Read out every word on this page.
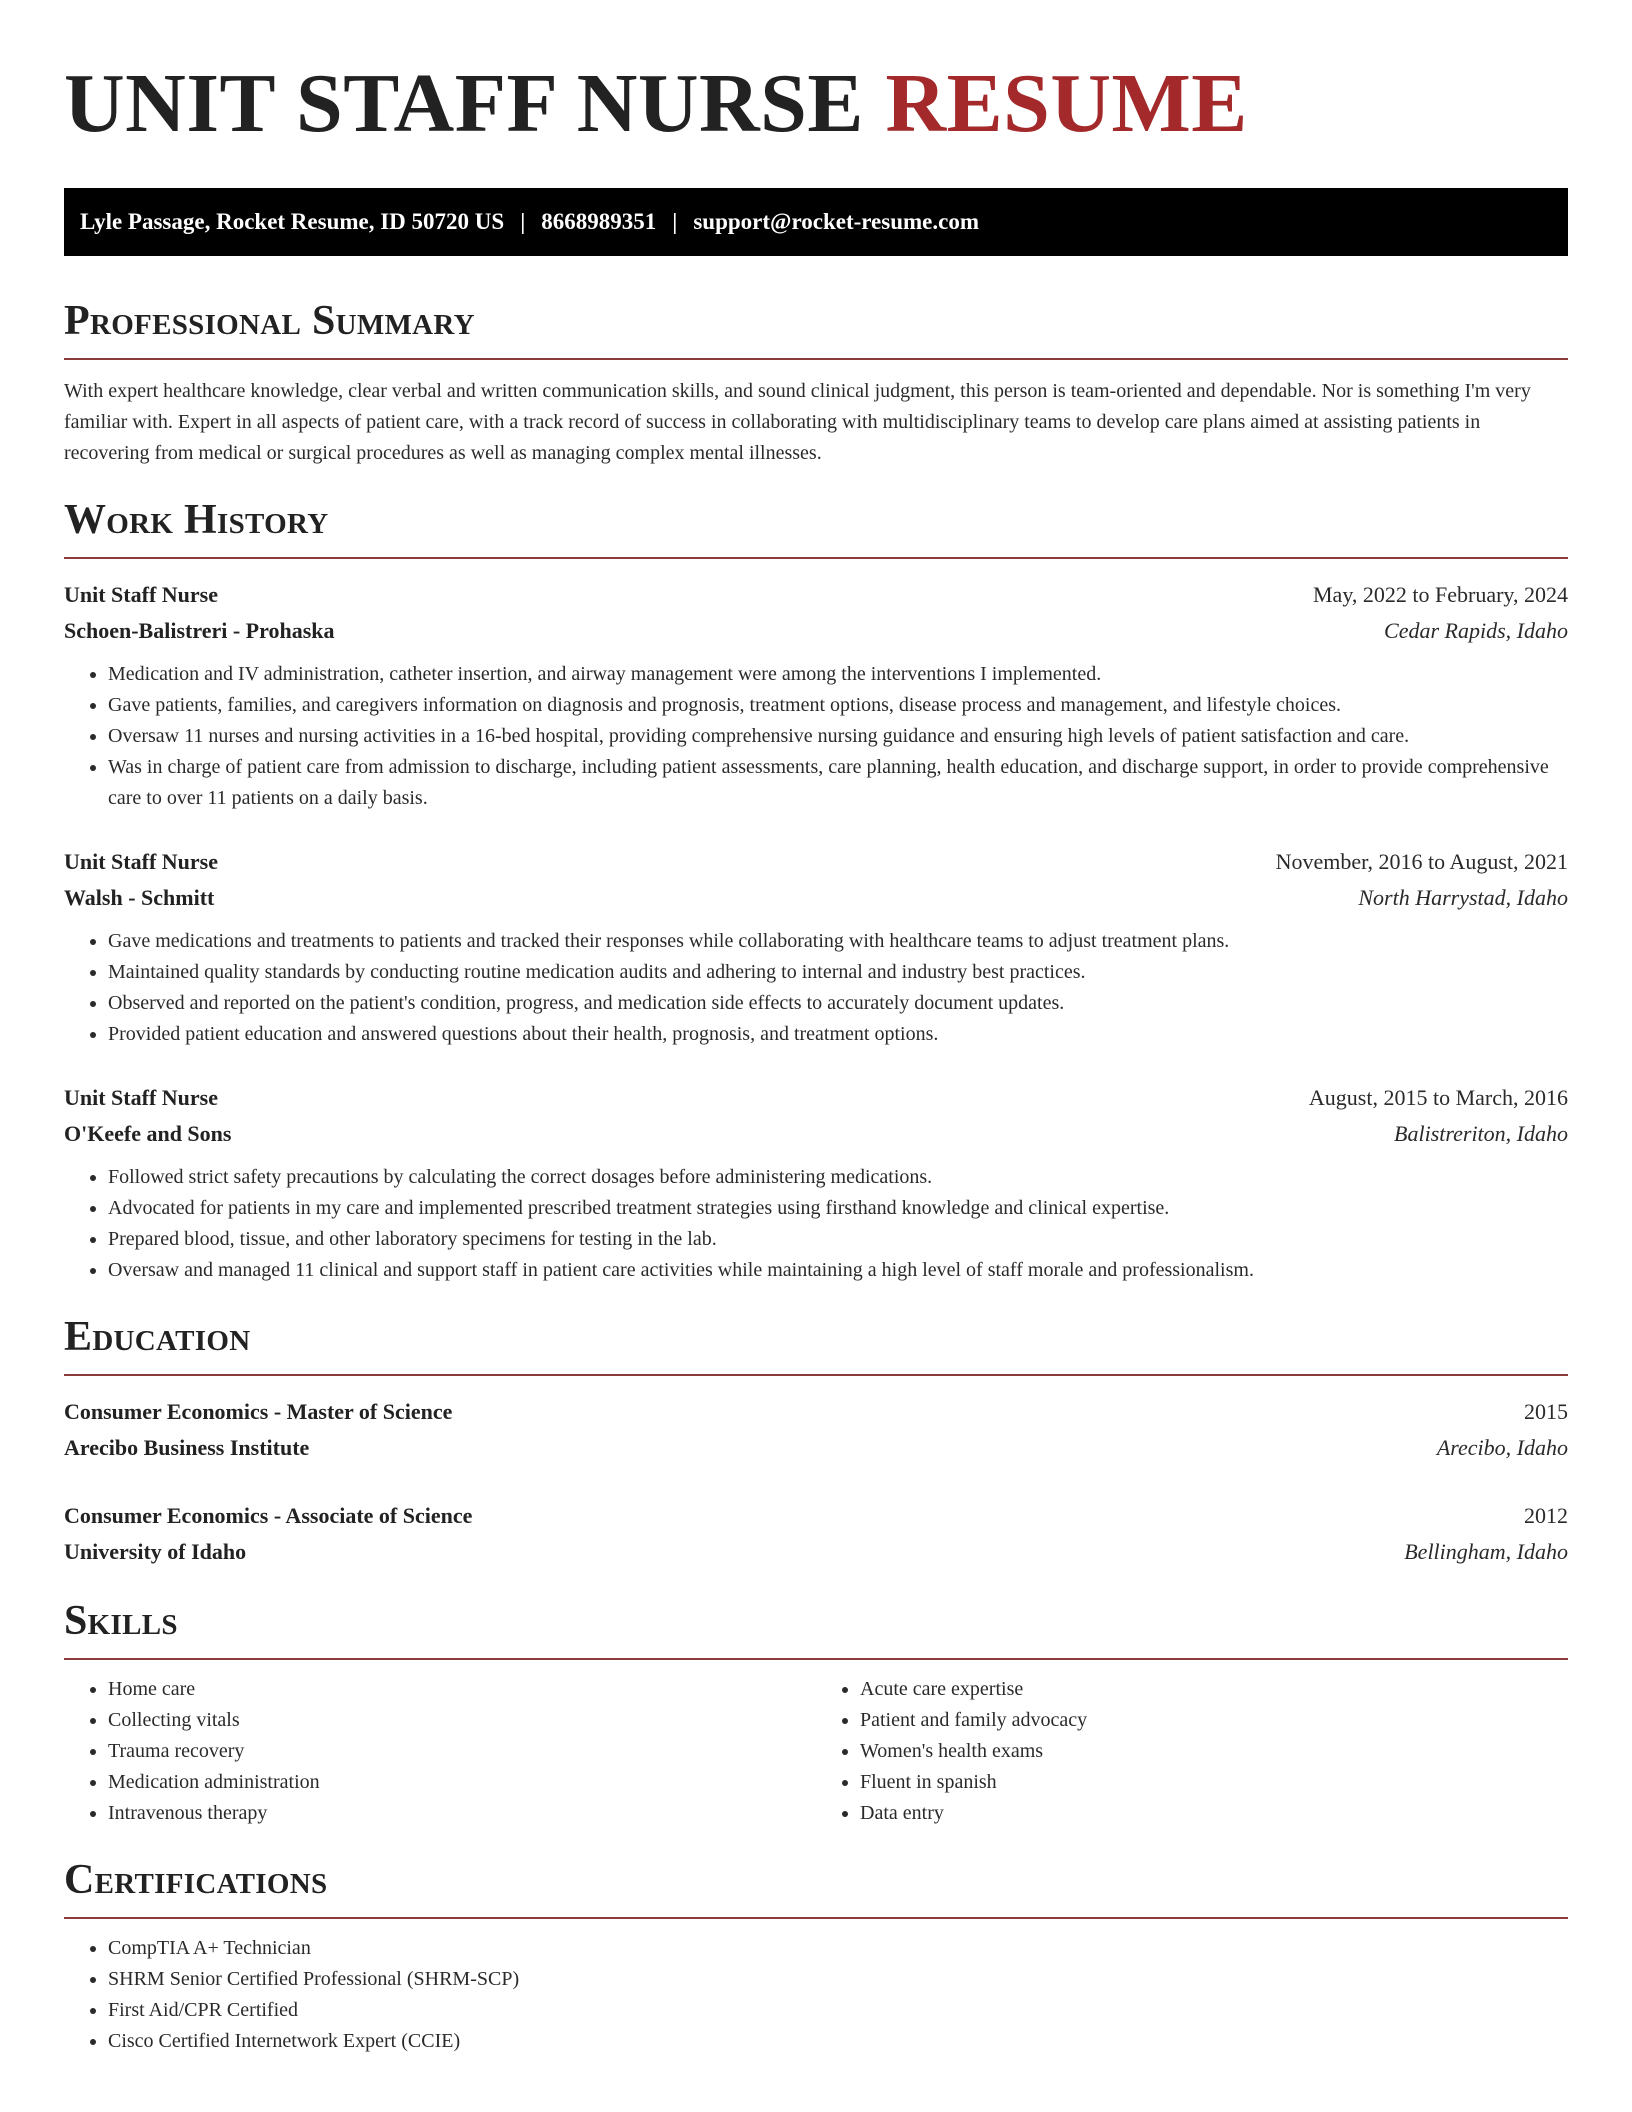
UNIT STAFF NURSE RESUME
Lyle Passage, Rocket Resume, ID 50720 US | 8668989351 | support@rocket-resume.com
Professional Summary

With expert healthcare knowledge, clear verbal and written communication skills, and sound clinical judgment, this person is team-oriented and dependable. Nor is something I'm very familiar with. Expert in all aspects of patient care, with a track record of success in collaborating with multidisciplinary teams to develop care plans aimed at assisting patients in recovering from medical or surgical procedures as well as managing complex mental illnesses.

Work History
Unit Staff Nurse	May, 2022 to February, 2024
Schoen-Balistreri - Prohaska	Cedar Rapids, Idaho
• Medication and IV administration, catheter insertion, and airway management were among the interventions I implemented.
• Gave patients, families, and caregivers information on diagnosis and prognosis, treatment options, disease process and management, and lifestyle choices.
• Oversaw 11 nurses and nursing activities in a 16-bed hospital, providing comprehensive nursing guidance and ensuring high levels of patient satisfaction and care.
• Was in charge of patient care from admission to discharge, including patient assessments, care planning, health education, and discharge support, in order to provide comprehensive care to over 11 patients on a daily basis.
Unit Staff Nurse	November, 2016 to August, 2021
Walsh - Schmitt	North Harrystad, Idaho
• Gave medications and treatments to patients and tracked their responses while collaborating with healthcare teams to adjust treatment plans.
• Maintained quality standards by conducting routine medication audits and adhering to internal and industry best practices.
• Observed and reported on the patient's condition, progress, and medication side effects to accurately document updates.
• Provided patient education and answered questions about their health, prognosis, and treatment options.
Unit Staff Nurse	August, 2015 to March, 2016
O'Keefe and Sons	Balistreriton, Idaho
• Followed strict safety precautions by calculating the correct dosages before administering medications.
• Advocated for patients in my care and implemented prescribed treatment strategies using firsthand knowledge and clinical expertise.
• Prepared blood, tissue, and other laboratory specimens for testing in the lab.
• Oversaw and managed 11 clinical and support staff in patient care activities while maintaining a high level of staff morale and professionalism.
Education
Consumer Economics - Master of Science	2015
Arecibo Business Institute	Arecibo, Idaho
Consumer Economics - Associate of Science	2012
University of Idaho	Bellingham, Idaho
Skills
• Home care
• Collecting vitals
• Trauma recovery
• Medication administration
• Intravenous therapy
• Acute care expertise
• Patient and family advocacy
• Women's health exams
• Fluent in spanish
• Data entry
Certifications
• CompTIA A+ Technician
• SHRM Senior Certified Professional (SHRM-SCP)
• First Aid/CPR Certified
• Cisco Certified Internetwork Expert (CCIE)
